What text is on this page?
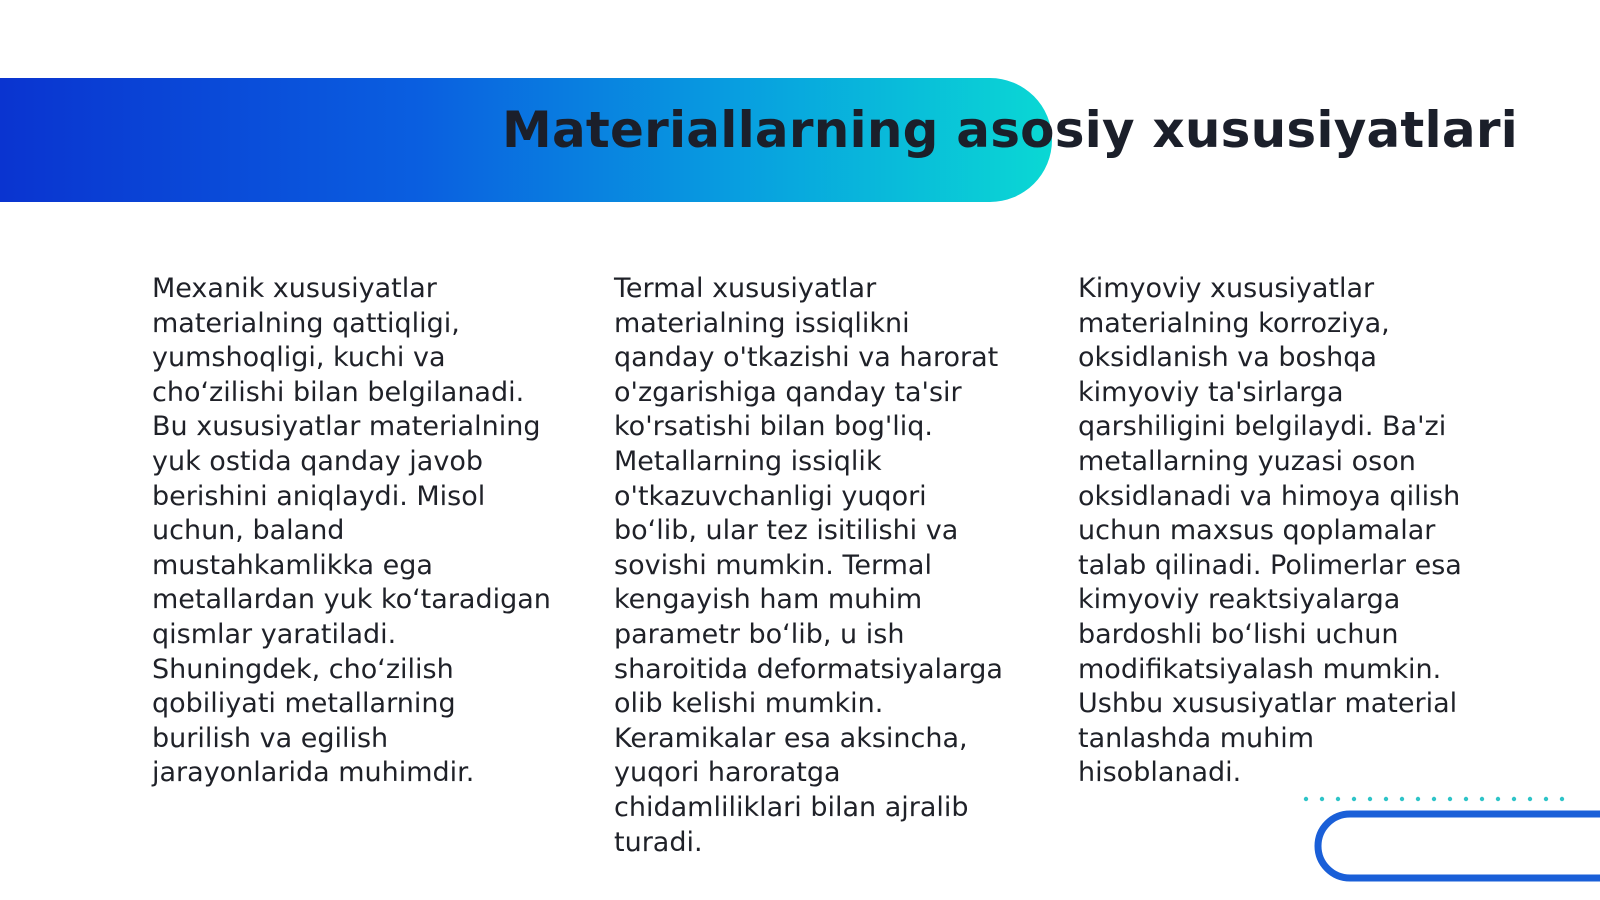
Materiallarning asosiy xususiyatlari

Mexanik xususiyatlar materialning qattiqligi, yumshoqligi, kuchi va cho‘zilishi bilan belgilanadi. Bu xususiyatlar materialning yuk ostida qanday javob berishini aniqlaydi. Misol uchun, baland mustahkamlikka ega metallardan yuk ko‘taradigan qismlar yaratiladi. Shuningdek, cho‘zilish qobiliyati metallarning burilish va egilish jarayonlarida muhimdir.

Termal xususiyatlar materialning issiqlikni qanday o'tkazishi va harorat o'zgarishiga qanday ta'sir ko'rsatishi bilan bog'liq. Metallarning issiqlik o'tkazuvchanligi yuqori bo‘lib, ular tez isitilishi va sovishi mumkin. Termal kengayish ham muhim parametr bo‘lib, u ish sharoitida deformatsiyalarga olib kelishi mumkin. Keramikalar esa aksincha, yuqori haroratga chidamliliklari bilan ajralib turadi.

Kimyoviy xususiyatlar materialning korroziya, oksidlanish va boshqa kimyoviy ta'sirlarga qarshiligini belgilaydi. Ba'zi metallarning yuzasi oson oksidlanadi va himoya qilish uchun maxsus qoplamalar talab qilinadi. Polimerlar esa kimyoviy reaktsiyalarga bardoshli bo‘lishi uchun modifikatsiyalash mumkin. Ushbu xususiyatlar material tanlashda muhim hisoblanadi.
